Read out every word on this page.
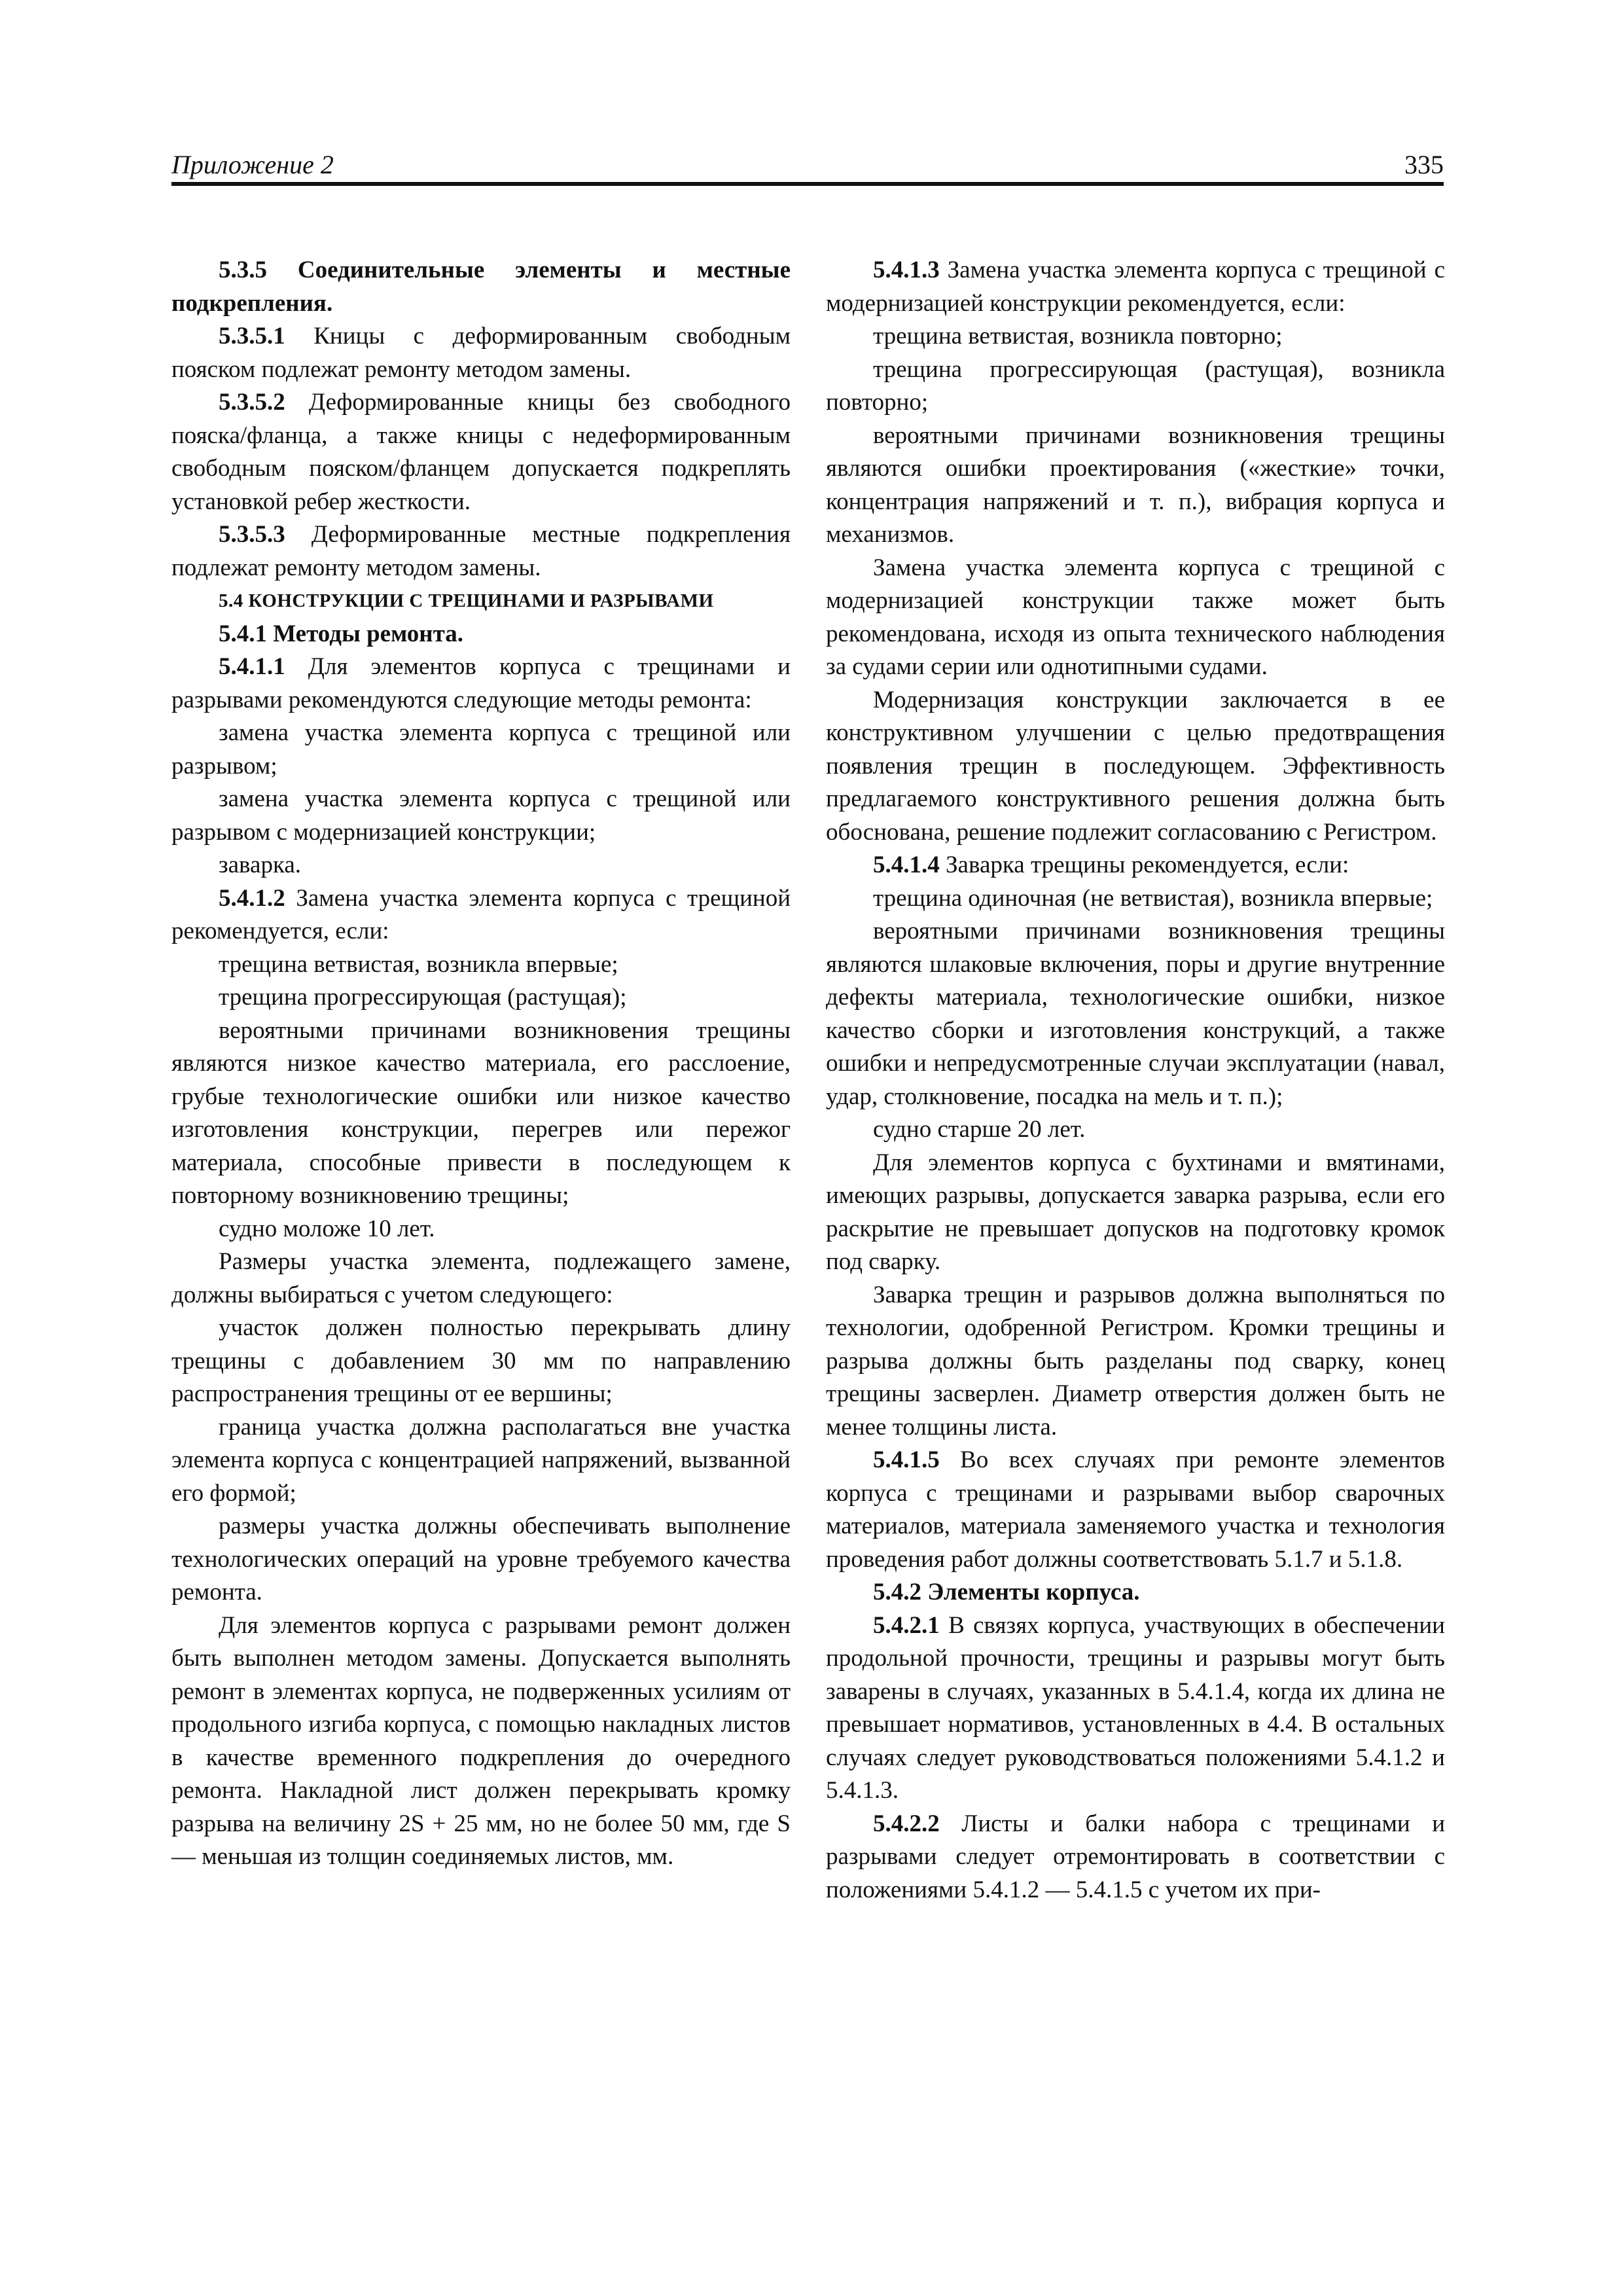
Приложение 2	335

5.3.5 Соединительные элементы и местные подкрепления.

5.3.5.1 Кницы с деформированным свободным пояском подлежат ремонту методом замены.

5.3.5.2 Деформированные кницы без свободного пояска/фланца, а также кницы с недеформированным свободным пояском/фланцем допускается подкреплять установкой ребер жесткости.

5.3.5.3 Деформированные местные подкрепления подлежат ремонту методом замены.

5.4 КОНСТРУКЦИИ С ТРЕЩИНАМИ И РАЗРЫВАМИ

5.4.1 Методы ремонта.

5.4.1.1 Для элементов корпуса с трещинами и разрывами рекомендуются следующие методы ремонта:

замена участка элемента корпуса с трещиной или разрывом;

замена участка элемента корпуса с трещиной или разрывом с модернизацией конструкции;

заварка.

5.4.1.2 Замена участка элемента корпуса с трещиной рекомендуется, если:

трещина ветвистая, возникла впервые;

трещина прогрессирующая (растущая);

вероятными причинами возникновения трещины являются низкое качество материала, его расслоение, грубые технологические ошибки или низкое качество изготовления конструкции, перегрев или пережог материала, способные привести в последующем к повторному возникновению трещины;

судно моложе 10 лет.

Размеры участка элемента, подлежащего замене, должны выбираться с учетом следующего:

участок должен полностью перекрывать длину трещины с добавлением 30 мм по направлению распространения трещины от ее вершины;

граница участка должна располагаться вне участка элемента корпуса с концентрацией напряжений, вызванной его формой;

размеры участка должны обеспечивать выполнение технологических операций на уровне требуемого качества ремонта.

Для элементов корпуса с разрывами ремонт должен быть выполнен методом замены. Допускается выполнять ремонт в элементах корпуса, не подверженных усилиям от продольного изгиба корпуса, с помощью накладных листов в качестве временного подкрепления до очередного ремонта. Накладной лист должен перекрывать кромку разрыва на величину 2S + 25 мм, но не более 50 мм, где S — меньшая из толщин соединяемых листов, мм.

5.4.1.3 Замена участка элемента корпуса с трещиной с модернизацией конструкции рекомендуется, если:

трещина ветвистая, возникла повторно;

трещина прогрессирующая (растущая), возникла повторно;

вероятными причинами возникновения трещины являются ошибки проектирования («жесткие» точки, концентрация напряжений и т. п.), вибрация корпуса и механизмов.

Замена участка элемента корпуса с трещиной с модернизацией конструкции также может быть рекомендована, исходя из опыта технического наблюдения за судами серии или однотипными судами.

Модернизация конструкции заключается в ее конструктивном улучшении с целью предотвращения появления трещин в последующем. Эффективность предлагаемого конструктивного решения должна быть обоснована, решение подлежит согласованию с Регистром.

5.4.1.4 Заварка трещины рекомендуется, если:

трещина одиночная (не ветвистая), возникла впервые;

вероятными причинами возникновения трещины являются шлаковые включения, поры и другие внутренние дефекты материала, технологические ошибки, низкое качество сборки и изготовления конструкций, а также ошибки и непредусмотренные случаи эксплуатации (навал, удар, столкновение, посадка на мель и т. п.);

судно старше 20 лет.

Для элементов корпуса с бухтинами и вмятинами, имеющих разрывы, допускается заварка разрыва, если его раскрытие не превышает допусков на подготовку кромок под сварку.

Заварка трещин и разрывов должна выполняться по технологии, одобренной Регистром. Кромки трещины и разрыва должны быть разделаны под сварку, конец трещины засверлен. Диаметр отверстия должен быть не менее толщины листа.

5.4.1.5 Во всех случаях при ремонте элементов корпуса с трещинами и разрывами выбор сварочных материалов, материала заменяемого участка и технология проведения работ должны соответствовать 5.1.7 и 5.1.8.

5.4.2 Элементы корпуса.

5.4.2.1 В связях корпуса, участвующих в обеспечении продольной прочности, трещины и разрывы могут быть заварены в случаях, указанных в 5.4.1.4, когда их длина не превышает нормативов, установленных в 4.4. В остальных случаях следует руководствоваться положениями 5.4.1.2 и 5.4.1.3.

5.4.2.2 Листы и балки набора с трещинами и разрывами следует отремонтировать в соответствии с положениями 5.4.1.2 — 5.4.1.5 с учетом их при-
